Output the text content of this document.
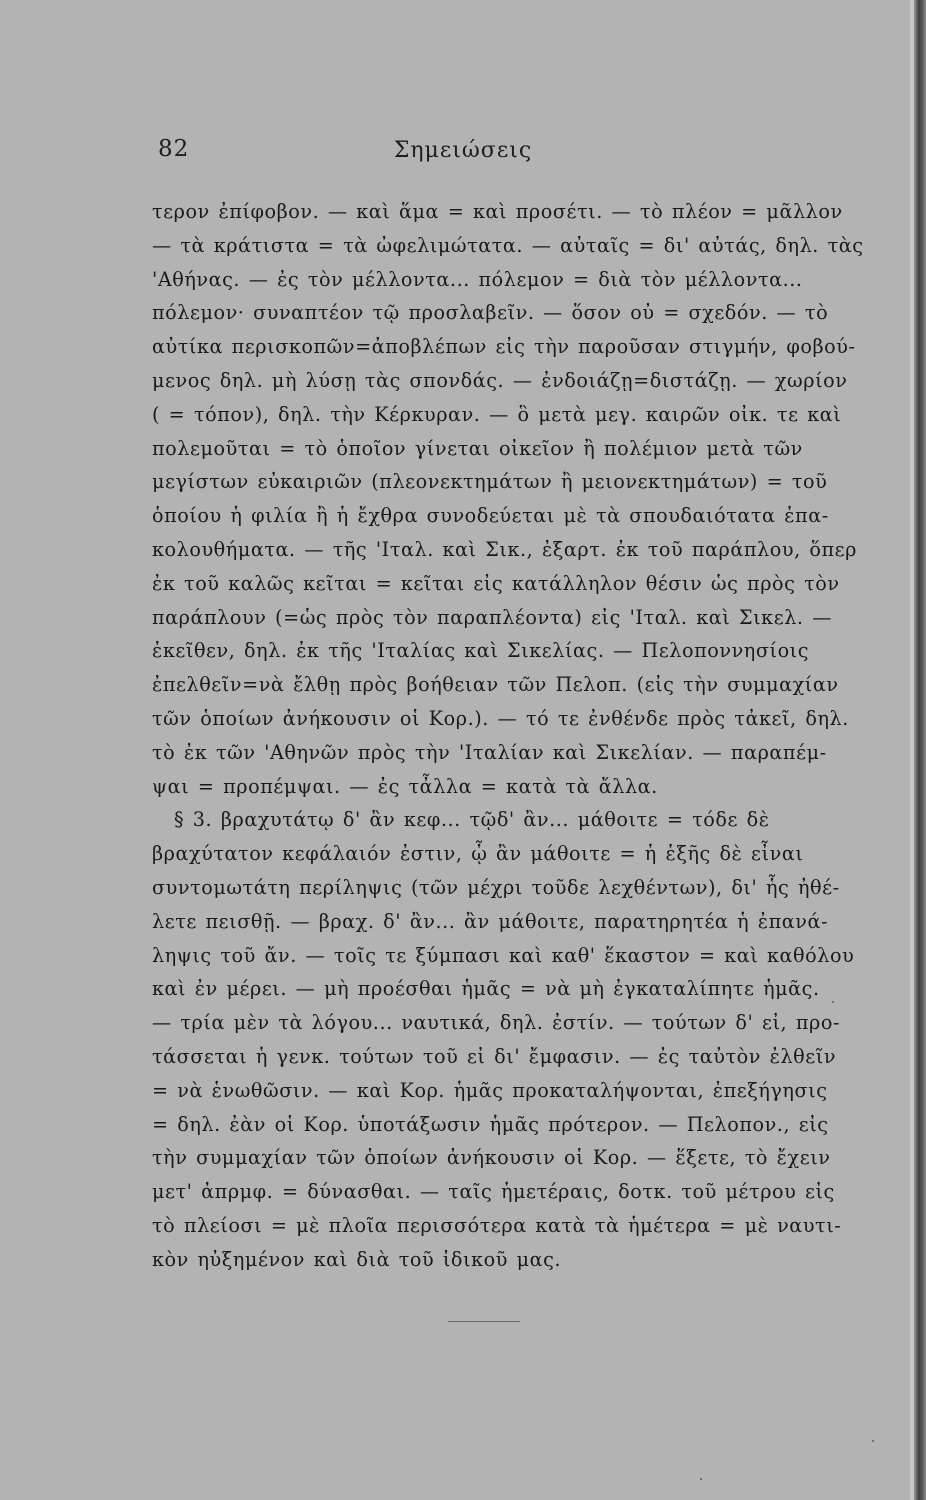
82	Σημειώσεις
τερον ἐπίφοβον. — καὶ ἅμα = καὶ προσέτι. — τὸ πλέον = μᾶλλον
— τὰ κράτιστα = τὰ ὠφελιμώτατα. — αὐταῖς = δι' αὐτάς, δηλ. τὰς
'Αθήνας. — ἐς τὸν μέλλοντα... πόλεμον = διὰ τὸν μέλλοντα...
πόλεμον· συναπτέον τῷ προσλαβεῖν. — ὅσον οὐ = σχεδόν. — τὸ
αὐτίκα περισκοπῶν=ἀποβλέπων εἰς τὴν παροῦσαν στιγμήν, φοβού-
μενος δηλ. μὴ λύσῃ τὰς σπονδάς. — ἐνδοιάζῃ=διστάζῃ. — χωρίον
( = τόπον), δηλ. τὴν Κέρκυραν. — ὃ μετὰ μεγ. καιρῶν οἰκ. τε καὶ
πολεμοῦται = τὸ ὁποῖον γίνεται οἰκεῖον ἢ πολέμιον μετὰ τῶν
μεγίστων εὐκαιριῶν (πλεονεκτημάτων ἢ μειονεκτημάτων) = τοῦ
ὁποίου ἡ φιλία ἢ ἡ ἔχθρα συνοδεύεται μὲ τὰ σπουδαιότατα ἐπα-
κολουθήματα. — τῆς 'Ιταλ. καὶ Σικ., ἐξαρτ. ἐκ τοῦ παράπλου, ὅπερ
ἐκ τοῦ καλῶς κεῖται = κεῖται εἰς κατάλληλον θέσιν ὡς πρὸς τὸν
παράπλουν (=ὡς πρὸς τὸν παραπλέοντα) εἰς 'Ιταλ. καὶ Σικελ. —
ἐκεῖθεν, δηλ. ἐκ τῆς 'Ιταλίας καὶ Σικελίας. — Πελοποννησίοις
ἐπελθεῖν=νὰ ἔλθῃ πρὸς βοήθειαν τῶν Πελοπ. (εἰς τὴν συμμαχίαν
τῶν ὁποίων ἀνήκουσιν οἱ Κορ.). — τό τε ἐνθένδε πρὸς τἀκεῖ, δηλ.
τὸ ἐκ τῶν 'Αθηνῶν πρὸς τὴν 'Ιταλίαν καὶ Σικελίαν. — παραπέμ-
ψαι = προπέμψαι. — ἐς τἆλλα = κατὰ τὰ ἄλλα.
§ 3. βραχυτάτῳ δ' ἂν κεφ... τῷδ' ἂν... μάθοιτε = τόδε δὲ
βραχύτατον κεφάλαιόν ἐστιν, ᾧ ἂν μάθοιτε = ἡ ἑξῆς δὲ εἶναι
συντομωτάτη περίληψις (τῶν μέχρι τοῦδε λεχθέντων), δι' ἧς ἠθέ-
λετε πεισθῇ. — βραχ. δ' ἂν... ἂν μάθοιτε, παρατηρητέα ἡ ἐπανά-
ληψις τοῦ ἄν. — τοῖς τε ξύμπασι καὶ καθ' ἕκαστον = καὶ καθόλου
καὶ ἐν μέρει. — μὴ προέσθαι ἡμᾶς = νὰ μὴ ἐγκαταλίπητε ἡμᾶς.
— τρία μὲν τὰ λόγου... ναυτικά, δηλ. ἐστίν. — τούτων δ' εἰ, προ-
τάσσεται ἡ γενκ. τούτων τοῦ εἰ δι' ἔμφασιν. — ἐς ταὐτὸν ἐλθεῖν
= νὰ ἑνωθῶσιν. — καὶ Κορ. ἡμᾶς προκαταλήψονται, ἐπεξήγησις
= δηλ. ἐὰν οἱ Κορ. ὑποτάξωσιν ἡμᾶς πρότερον. — Πελοπον., εἰς
τὴν συμμαχίαν τῶν ὁποίων ἀνήκουσιν οἱ Κορ. — ἕξετε, τὸ ἔχειν
μετ' ἀπρμφ. = δύνασθαι. — ταῖς ἡμετέραις, δοτκ. τοῦ μέτρου εἰς
τὸ πλείοσι = μὲ πλοῖα περισσότερα κατὰ τὰ ἡμέτερα = μὲ ναυτι-
κὸν ηὐξημένον καὶ διὰ τοῦ ἰδικοῦ μας.
